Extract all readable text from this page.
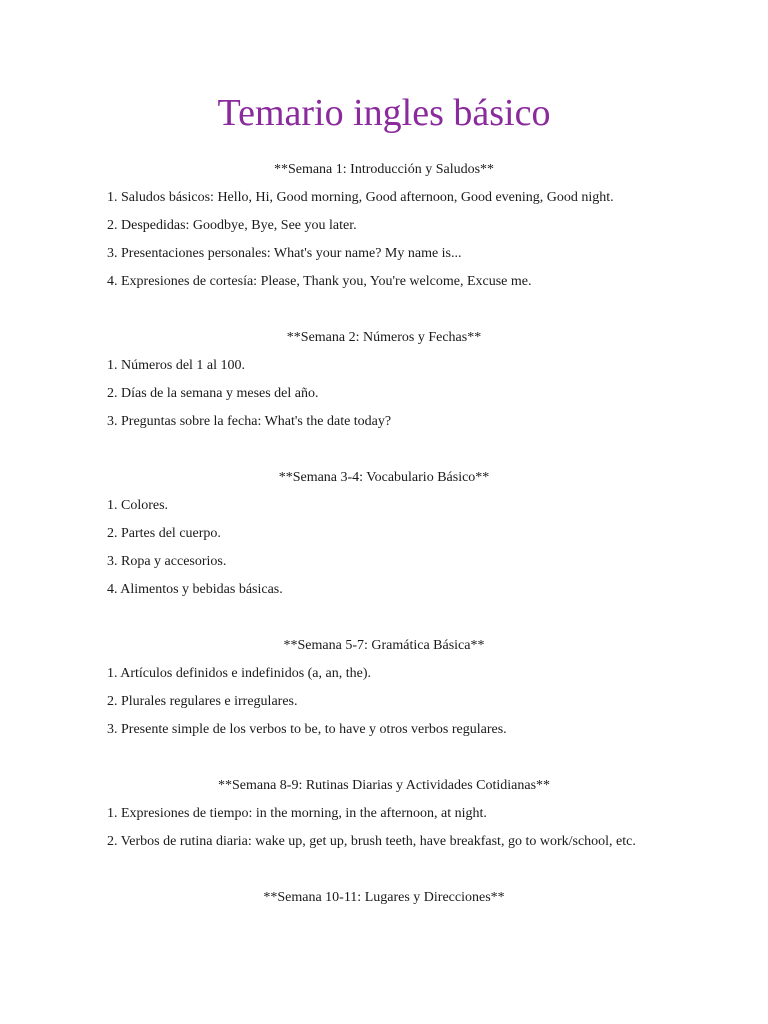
Temario ingles básico

**Semana 1: Introducción y Saludos**

1. Saludos básicos: Hello, Hi, Good morning, Good afternoon, Good evening, Good night.

2. Despedidas: Goodbye, Bye, See you later.

3. Presentaciones personales: What's your name? My name is...

4. Expresiones de cortesía: Please, Thank you, You're welcome, Excuse me.

**Semana 2: Números y Fechas**

1. Números del 1 al 100.

2. Días de la semana y meses del año.

3. Preguntas sobre la fecha: What's the date today?

**Semana 3-4: Vocabulario Básico**

1. Colores.

2. Partes del cuerpo.

3. Ropa y accesorios.

4. Alimentos y bebidas básicas.

**Semana 5-7: Gramática Básica**

1. Artículos definidos e indefinidos (a, an, the).

2. Plurales regulares e irregulares.

3. Presente simple de los verbos to be, to have y otros verbos regulares.

**Semana 8-9: Rutinas Diarias y Actividades Cotidianas**

1. Expresiones de tiempo: in the morning, in the afternoon, at night.

2. Verbos de rutina diaria: wake up, get up, brush teeth, have breakfast, go to work/school, etc.

**Semana 10-11: Lugares y Direcciones**
